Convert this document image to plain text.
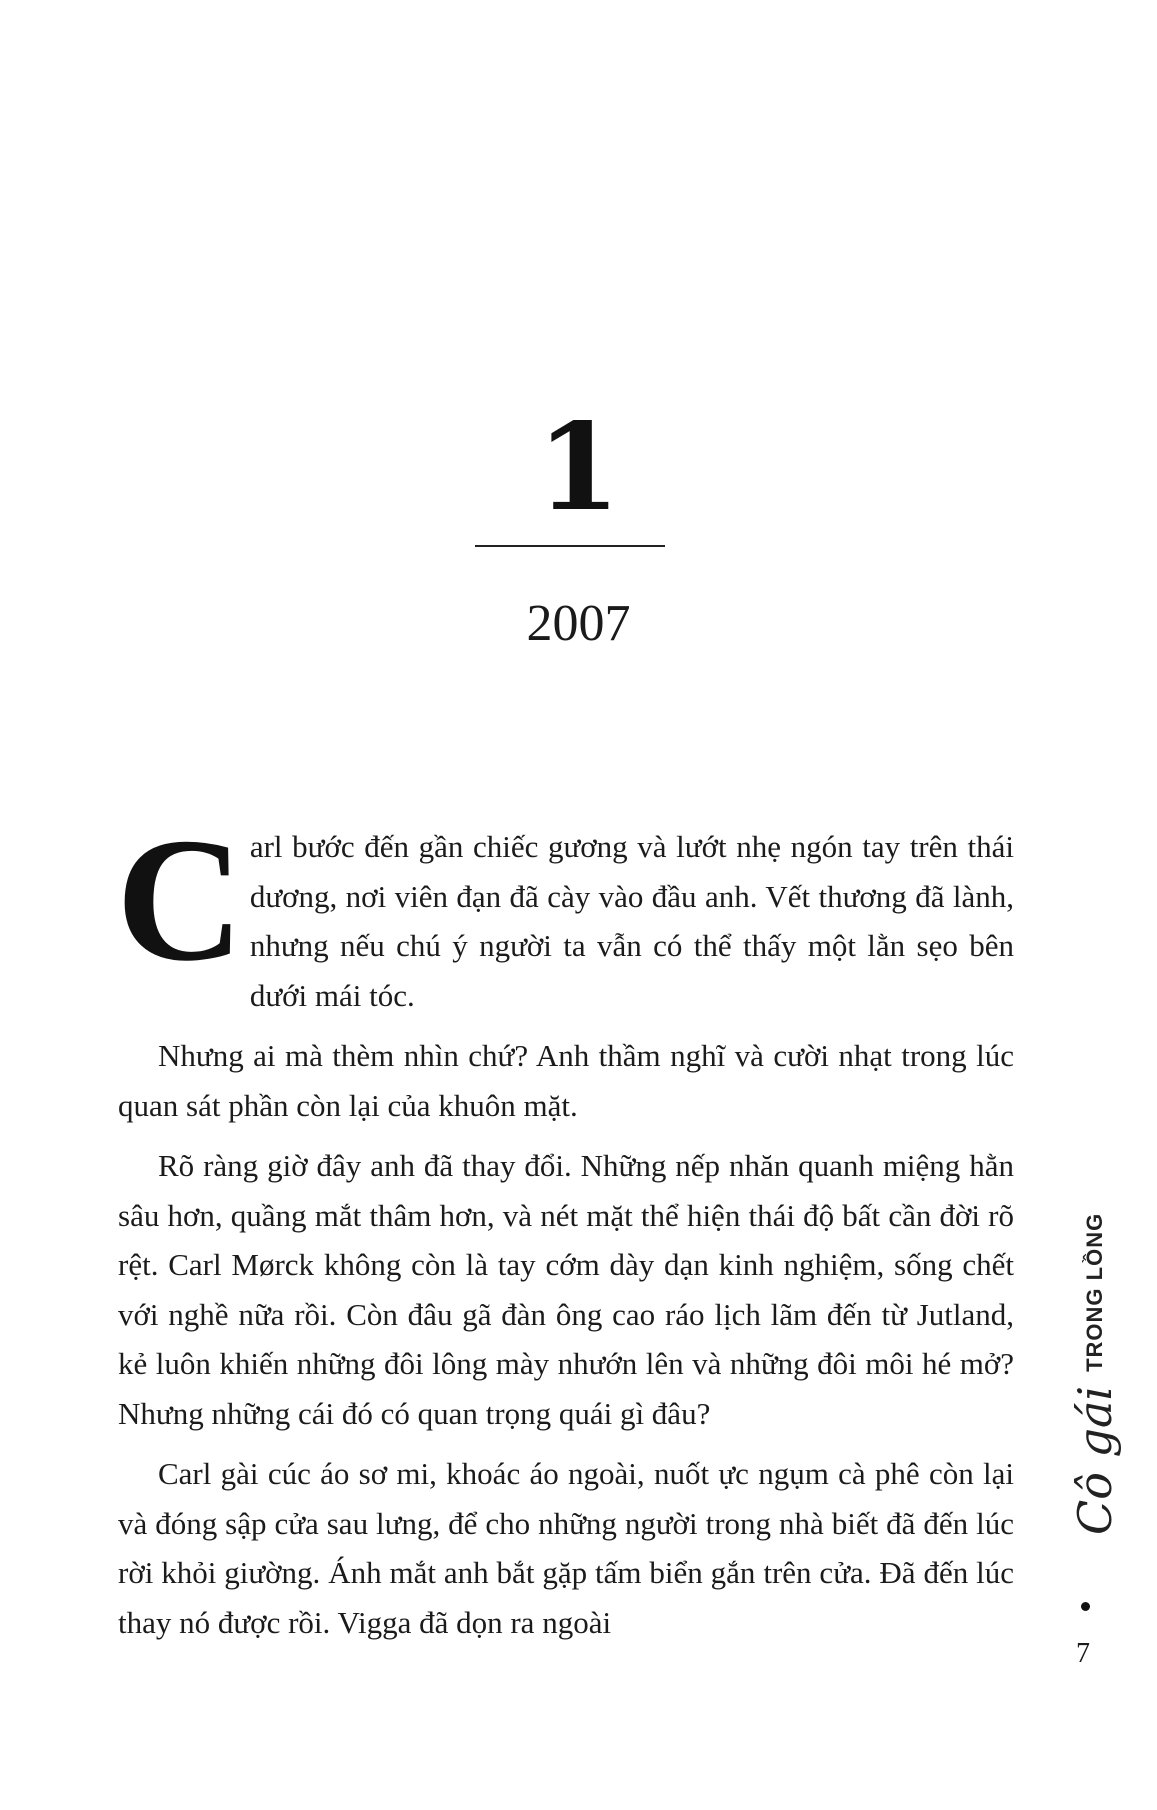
1
2007

Carl bước đến gần chiếc gương và lướt nhẹ ngón tay trên thái dương, nơi viên đạn đã cày vào đầu anh. Vết thương đã lành, nhưng nếu chú ý người ta vẫn có thể thấy một lằn sẹo bên dưới mái tóc.

Nhưng ai mà thèm nhìn chứ? Anh thầm nghĩ và cười nhạt trong lúc quan sát phần còn lại của khuôn mặt.

Rõ ràng giờ đây anh đã thay đổi. Những nếp nhăn quanh miệng hằn sâu hơn, quầng mắt thâm hơn, và nét mặt thể hiện thái độ bất cần đời rõ rệt. Carl Mørck không còn là tay cớm dày dạn kinh nghiệm, sống chết với nghề nữa rồi. Còn đâu gã đàn ông cao ráo lịch lãm đến từ Jutland, kẻ luôn khiến những đôi lông mày nhướn lên và những đôi môi hé mở? Nhưng những cái đó có quan trọng quái gì đâu?

Carl gài cúc áo sơ mi, khoác áo ngoài, nuốt ực ngụm cà phê còn lại và đóng sập cửa sau lưng, để cho những người trong nhà biết đã đến lúc rời khỏi giường. Ánh mắt anh bắt gặp tấm biển gắn trên cửa. Đã đến lúc thay nó được rồi. Vigga đã dọn ra ngoài

Cô gái
TRONG LỒNG
7
